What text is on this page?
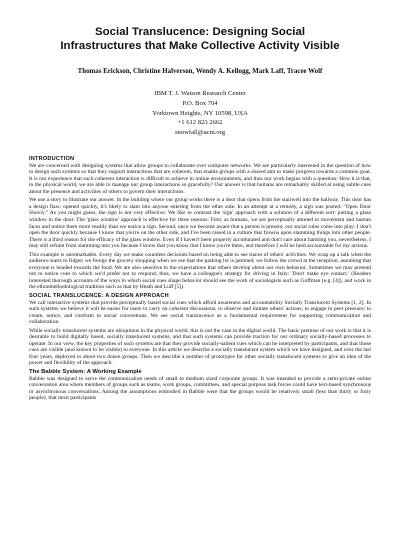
Social Translucence: Designing Social
Infrastructures that Make Collective Activity Visible
Thomas Erickson, Christine Halverson, Wendy A. Kellogg, Mark Laff, Tracee Wolf
IBM T. J. Watson Research Center
P.O. Box 704
Yorktown Heights, NY 10598, USA
+1 612 823 2662
snowfall@acm.org
INTRODUCTION

We are concerned with designing systems that allow groups to collaborate over computer networks. We are particularly interested in the question of how to design such systems so that they support interactions that are coherent, that enable groups with a shared aim to make progress towards a common goal. It is our experience that such coherent interaction is difficult to achieve in online environments, and thus our work begins with a question: How it is that, in the physical world, we are able to manage our group interactions so gracefully? Our answer is that humans are remarkably skilled at using subtle cues about the presence and activities of others to govern their interactions.

We use a story to illustrate our answer. In the building where our group works there is a door that opens from the stairwell into the hallway. This door has a design flaw: opened quickly, it's likely to slam into anyone entering from the other side. In an attempt at a remedy, a sign was posted: "Open Door Slowly." As you might guess, the sign is not very effective. We like to contrast the 'sign' approach with a solution of a different sort: putting a glass window in the door. The 'glass window' approach is effective for three reasons: First, as humans, we are perceptually attuned to movement and human faces and notice them more readily than we notice a sign. Second, once we become aware that a person is present, our social rules come into play: I don't open the door quickly because I know that you're on the other side, and I've been raised in a culture that frowns upon slamming things into other people. There is a third reason for the efficacy of the glass window. Even if I haven't been properly acculturated and don't care about harming you, nevertheless, I may still refrain from slamming into you because I know that you know that I know you're there, and therefore I will be held accountable for my actions.

This example is unremarkable. Every day we make countless decisions based on being able to see traces of others' activities. We wrap up a talk when the audience starts to fidget; we forego the grocery shopping when we see that the parking lot is jammed; we follow the crowd at the reception, assuming that everyone is headed towards the food. We are also sensitive to the expectations that others develop about our own behavior. Sometimes we may pretend not to notice cues to which we'd prefer not to respond; thus, we have a colleague's strategy for driving in Italy: 'Don't make eye contact.' (Readers interested thorough accounts of the ways in which social cues shape behavior should see the work of sociologists such as Goffman (e.g. [4]), and work in the ethnomethodological tradition such as that by Heath and Luff [5]).

SOCIAL TRANSLUCENCE: A DESIGN APPROACH

We call interactive systems that provide perceptually based social cues which afford awareness and accountability Socially Translucent Systems [1, 2]. In such systems we believe it will be easier for users to carry on coherent discussions; to observe and imitate others' actions; to engage in peer pressure; to create, notice, and conform to social conventions. We see social translucence as a fundamental requirement for supporting communication and collaboration.

While socially translucent systems are ubiquitous in the physical world, this is not the case in the digital world. The basic premise of our work is that it is desirable to build digitally based, socially translucent systems, and that such systems can provide traction for our ordinary socially-based processes to operate. In our view, the key properties of such systems are that they provide socially-salient cues which can be interpreted by participants, and that those cues are visible (and known to be visible) to everyone. In this article we describe a socially translucent system which we have designed, and over the last four years, deployed to about two dozen groups. Then we describe a number of prototypes for other socially translucent systems to give an idea of the power and flexibility of the approach.

The Babble System: A Working Example

Babble was designed to serve the communication needs of small to medium sized corporate groups. It was intended to provide a semi-private online conversation area where members of groups such as teams, work groups, committees, and special purpose task forces could have text-based synchronous or asynchronous conversations. Among the assumptions embodied in Babble were that the groups would be relatively small (less than thirty or forty people), that most participants
